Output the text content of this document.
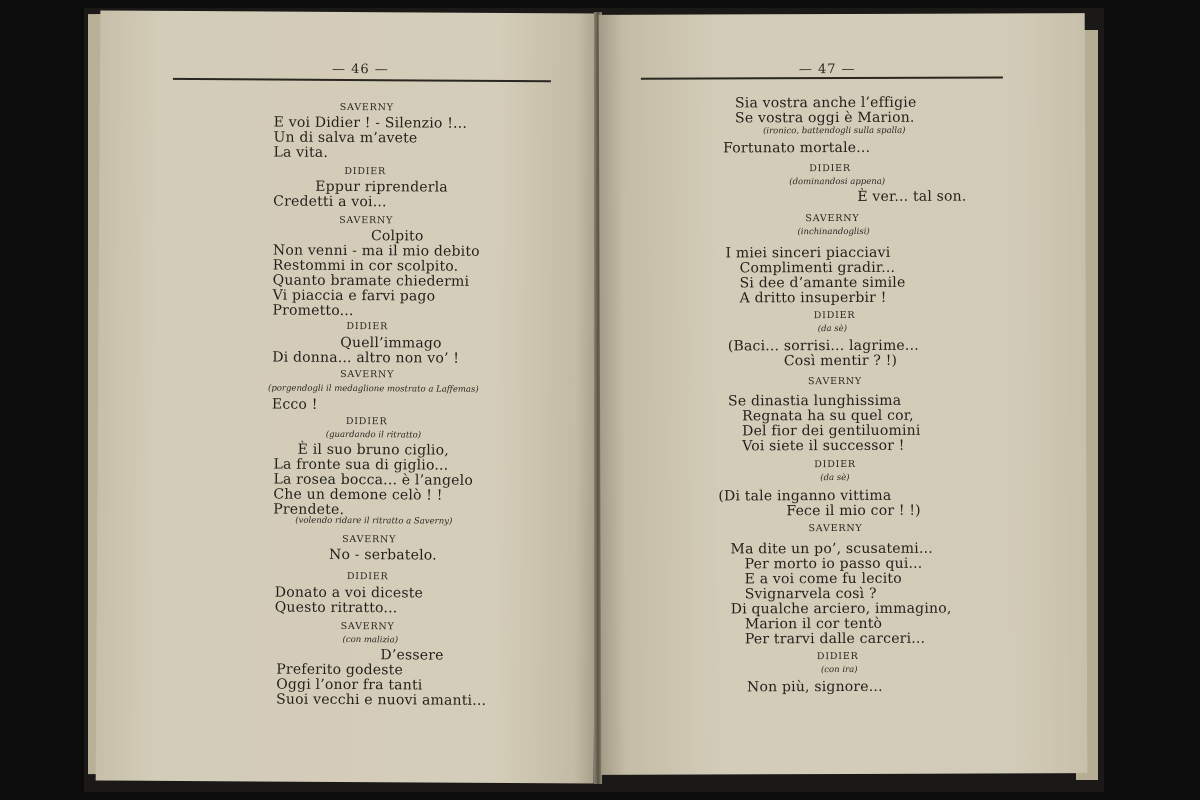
— 46 —
SAVERNY
E voi Didier ! - Silenzio !...
Un di salva m’avete
La vita.
DIDIER
Eppur riprenderla
Credetti a voi...
SAVERNY
Colpito
Non venni - ma il mio debito
Restommi in cor scolpito.
Quanto bramate chiedermi
Vi piaccia e farvi pago
Prometto...
DIDIER
Quell’immago
Di donna... altro non vo’ !
SAVERNY
(porgendogli il medaglione mostrato a Laffemas)
Ecco !
DIDIER
(guardando il ritratto)
È il suo bruno ciglio,
La fronte sua di giglio...
La rosea bocca... è l’angelo
Che un demone celò ! !
Prendete.
(volendo ridare il ritratto a Saverny)
SAVERNY
No - serbatelo.
DIDIER
Donato a voi diceste
Questo ritratto...
SAVERNY
(con malizia)
D’essere
Preferito godeste
Oggi l’onor fra tanti
Suoi vecchi e nuovi amanti...
— 47 —
Sia vostra anche l’effigie
Se vostra oggi è Marion.
(ironico, battendogli sulla spalla)
Fortunato mortale...
DIDIER
(dominandosi appena)
È ver... tal son.
SAVERNY
(inchinandoglisi)
I miei sinceri piacciavi
Complimenti gradir...
Si dee d’amante simile
A dritto insuperbir !
DIDIER
(da sè)
(Baci... sorrisi... lagrime...
Così mentir ? !)
SAVERNY
Se dinastia lunghissima
Regnata ha su quel cor,
Del fior dei gentiluomini
Voi siete il successor !
DIDIER
(da sè)
(Di tale inganno vittima
Fece il mio cor ! !)
SAVERNY
Ma dite un po’, scusatemi...
Per morto io passo qui...
E a voi come fu lecito
Svignarvela così ?
Di qualche arciero, immagino,
Marion il cor tentò
Per trarvi dalle carceri...
DIDIER
(con ira)
Non più, signore...
